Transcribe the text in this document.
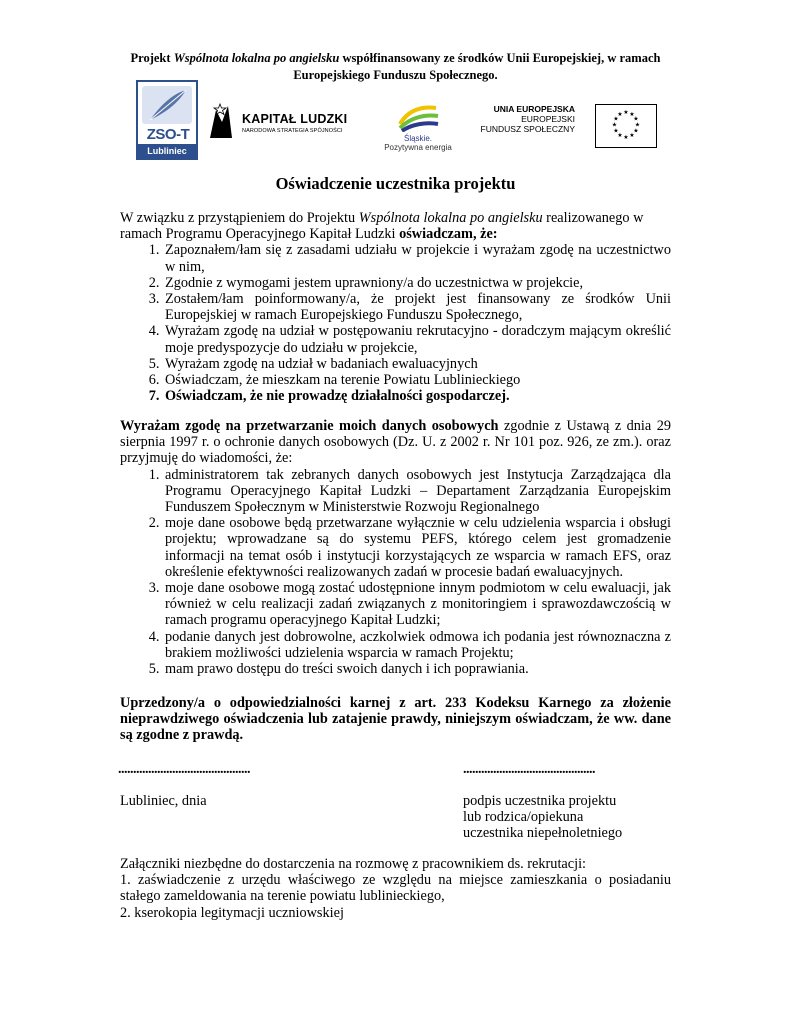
Projekt Wspólnota lokalna po angielsku współfinansowany ze środków Unii Europejskiej, w ramach Europejskiego Funduszu Społecznego.
ZSO-T
Lubliniec
KAPITAŁ LUDZKI
NARODOWA STRATEGIA SPÓJNOŚCI
Śląskie.
Pozytywna energia
UNIA EUROPEJSKA
EUROPEJSKI
FUNDUSZ SPOŁECZNY
★ ★
★
★
★
★
★
★
★
★
★
★
Oświadczenie uczestnika projektu
W związku z przystąpieniem do Projektu Wspólnota lokalna po angielsku realizowanego w ramach Programu Operacyjnego Kapitał Ludzki oświadczam, że:
1. Zapoznałem/łam się z zasadami udziału w projekcie i wyrażam zgodę na uczestnictwo w nim,
2. Zgodnie z wymogami jestem uprawniony/a do uczestnictwa w projekcie,
3. Zostałem/łam poinformowany/a, że projekt jest finansowany ze środków Unii Europejskiej w ramach Europejskiego Funduszu Społecznego,
4. Wyrażam zgodę na udział w postępowaniu rekrutacyjno - doradczym mającym określić moje predyspozycje do udziału w projekcie,
5. Wyrażam zgodę na udział w badaniach ewaluacyjnych
6. Oświadczam, że mieszkam na terenie Powiatu Lublinieckiego
7. Oświadczam, że nie prowadzę działalności gospodarczej.
Wyrażam zgodę na przetwarzanie moich danych osobowych zgodnie z Ustawą z dnia 29 sierpnia 1997 r. o ochronie danych osobowych (Dz. U. z 2002 r. Nr 101 poz. 926, ze zm.). oraz przyjmuję do wiadomości, że:
1. administratorem tak zebranych danych osobowych jest Instytucja Zarządzająca dla Programu Operacyjnego Kapitał Ludzki – Departament Zarządzania Europejskim Funduszem Społecznym w Ministerstwie Rozwoju Regionalnego
2. moje dane osobowe będą przetwarzane wyłącznie w celu udzielenia wsparcia i obsługi projektu; wprowadzane są do systemu PEFS, którego celem jest gromadzenie informacji na temat osób i instytucji korzystających ze wsparcia w ramach EFS, oraz określenie efektywności realizowanych zadań w procesie badań ewaluacyjnych.
3. moje dane osobowe mogą zostać udostępnione innym podmiotom w celu ewaluacji, jak również w celu realizacji zadań związanych z monitoringiem i sprawozdawczością w ramach programu operacyjnego Kapitał Ludzki;
4. podanie danych jest dobrowolne, aczkolwiek odmowa ich podania jest równoznaczna z brakiem możliwości udzielenia wsparcia w ramach Projektu;
5. mam prawo dostępu do treści swoich danych i ich poprawiania.
Uprzedzony/a o odpowiedzialności karnej z art. 233 Kodeksu Karnego za złożenie nieprawdziwego oświadczenia lub zatajenie prawdy, niniejszym oświadczam, że ww. dane są zgodne z prawdą.
............................................	............................................
Lubliniec, dnia	podpis uczestnika projektu
lub rodzica/opiekuna
uczestnika niepełnoletniego
Załączniki niezbędne do dostarczenia na rozmowę z pracownikiem ds. rekrutacji:
1. zaświadczenie z urzędu właściwego ze względu na miejsce zamieszkania o posiadaniu stałego zameldowania na terenie powiatu lublinieckiego,
2. kserokopia legitymacji uczniowskiej
